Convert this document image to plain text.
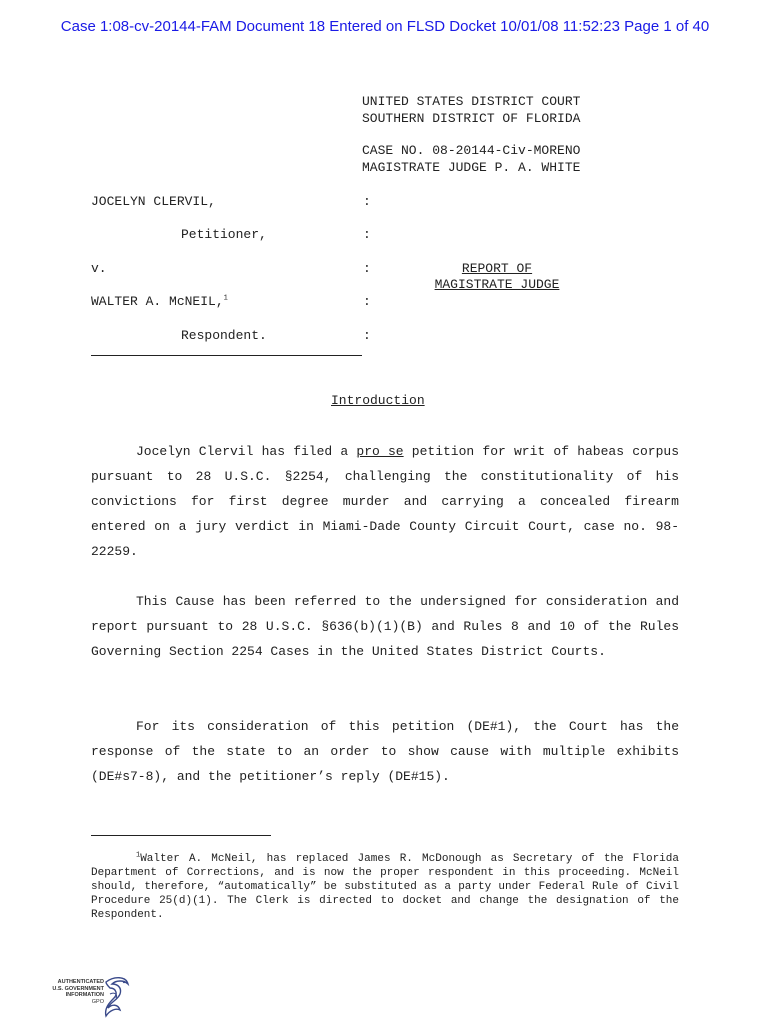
Case 1:08-cv-20144-FAM Document 18 Entered on FLSD Docket 10/01/08 11:52:23 Page 1 of 40
UNITED STATES DISTRICT COURT
SOUTHERN DISTRICT OF FLORIDA
CASE NO. 08-20144-Civ-MORENO
MAGISTRATE JUDGE P. A. WHITE
JOCELYN CLERVIL,	:
Petitioner,	:
v.	:
WALTER A. McNEIL,$^1$	:
Respondent.	:
REPORT OF
MAGISTRATE JUDGE
Introduction
Jocelyn Clervil has filed a pro se petition for writ of habeas corpus pursuant to 28 U.S.C. §2254, challenging the constitutionality of his convictions for first degree murder and carrying a concealed firearm entered on a jury verdict in Miami-Dade County Circuit Court, case no. 98-22259.
This Cause has been referred to the undersigned for consideration and report pursuant to 28 U.S.C. §636(b)(1)(B) and Rules 8 and 10 of the Rules Governing Section 2254 Cases in the United States District Courts.
For its consideration of this petition (DE#1), the Court has the response of the state to an order to show cause with multiple exhibits (DE#s7-8), and the petitioner’s reply (DE#15).
$^1$Walter A. McNeil, has replaced James R. McDonough as Secretary of the Florida Department of Corrections, and is now the proper respondent in this proceeding. McNeil should, therefore, “automatically” be substituted as a party under Federal Rule of Civil Procedure 25(d)(1). The Clerk is directed to docket and change the designation of the Respondent.
AUTHENTICATED
U.S. GOVERNMENT
INFORMATION
GPO
